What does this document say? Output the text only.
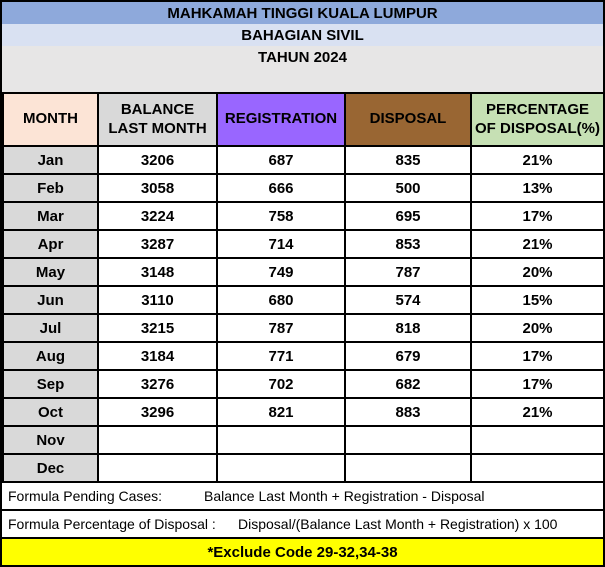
MAHKAMAH TINGGI KUALA LUMPUR
BAHAGIAN SIVIL
TAHUN 2024
MONTH	BALANCE LAST MONTH	REGISTRATION	DISPOSAL	PERCENTAGE OF DISPOSAL(%)
Jan	3206	687	835	21%
Feb	3058	666	500	13%
Mar	3224	758	695	17%
Apr	3287	714	853	21%
May	3148	749	787	20%
Jun	3110	680	574	15%
Jul	3215	787	818	20%
Aug	3184	771	679	17%
Sep	3276	702	682	17%
Oct	3296	821	883	21%
Nov				
Dec				
Formula Pending Cases:	Balance Last Month + Registration - Disposal
Formula Percentage of Disposal :	Disposal/(Balance Last Month + Registration) x 100
*Exclude Code 29-32,34-38
